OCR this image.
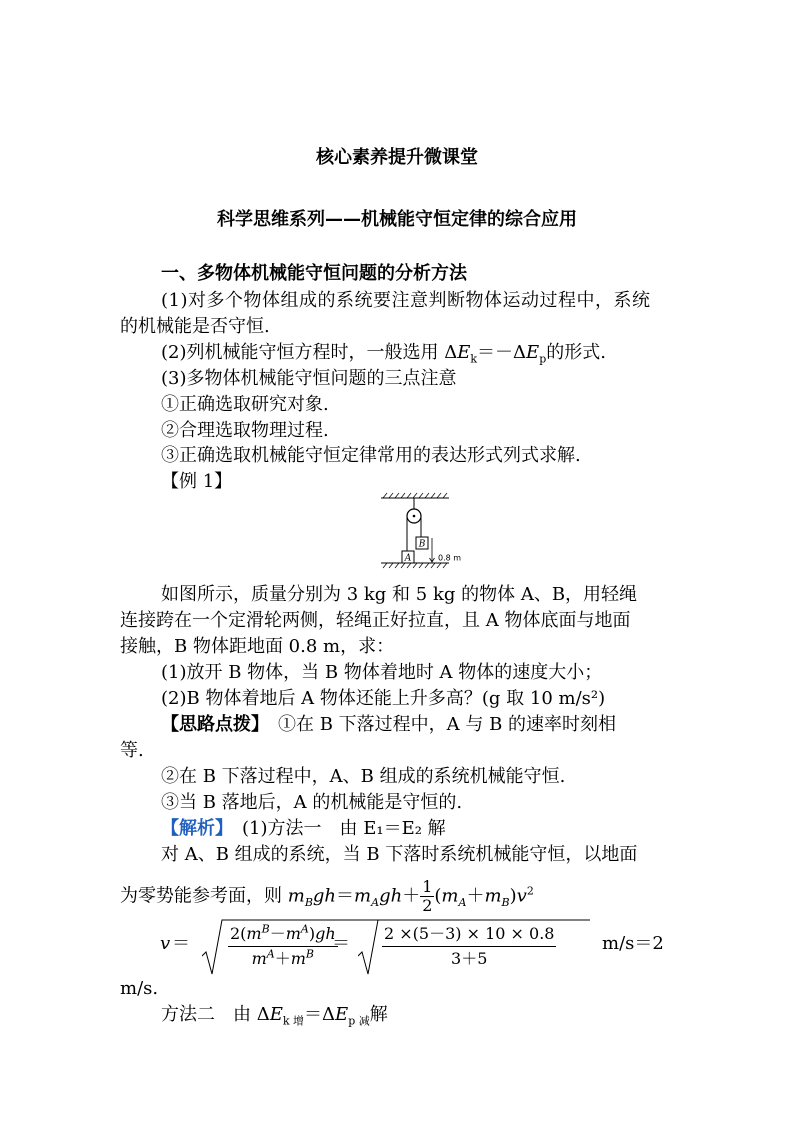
核心素养提升微课堂
科学思维系列——机械能守恒定律的综合应用
一、多物体机械能守恒问题的分析方法
(1)对多个物体组成的系统要注意判断物体运动过程中，系统
的机械能是否守恒.
(2)列机械能守恒方程时，一般选用 $\Delta E_k=-\Delta E_p$的形式.
(3)多物体机械能守恒问题的三点注意
①正确选取研究对象.
②合理选取物理过程.
③正确选取机械能守恒定律常用的表达形式列式求解.
【例 1】
B
A	0.8 m
如图所示，质量分别为 3 kg 和 5 kg 的物体 A、B，用轻绳
连接跨在一个定滑轮两侧，轻绳正好拉直，且 A 物体底面与地面
接触，B 物体距地面 0.8 m，求：
(1)放开 B 物体，当 B 物体着地时 A 物体的速度大小；
(2)B 物体着地后 A 物体还能上升多高？(g 取 10 m/s²)
【思路点拨】　 ①在 B 下落过程中，A 与 B 的速率时刻相
等.
②在 B 下落过程中，A、B 组成的系统机械能守恒.
③当 B 落地后，A 的机械能是守恒的.
【解析】　 (1)方法一　由 E₁＝E₂ 解
对 A、B 组成的系统，当 B 下落时系统机械能守恒，以地面
为零势能参考面，则 $m_Bgh=m_Agh+ \frac{1}{2} (m_A+m_B)v^2$
$v = \frac{2(m^B-m^A)gh}{m^A+m^B}$
＝ $\frac{2 \times(5-3) \times 10 \times 0.8}{3+5}$	m/s＝2
m/s.
方法二　由 $\Delta E_{k 增}=\Delta E_{p 减}$解
